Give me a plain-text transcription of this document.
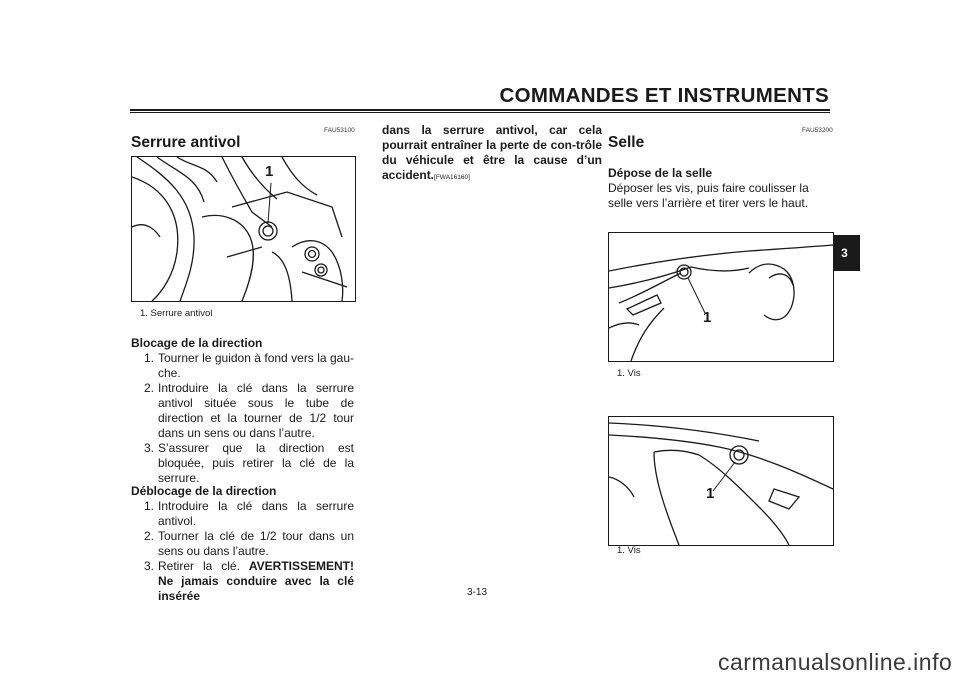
COMMANDES ET INSTRUMENTS
3
FAU53100
Serrure antivol
1
1. Serrure antivol
Blocage de la direction
1. Tourner le guidon à fond vers la gau-che.
2. Introduire la clé dans la serrure antivol située sous le tube de direction et la tourner de 1/2 tour dans un sens ou dans l’autre.
3. S’assurer que la direction est bloquée, puis retirer la clé de la serrure.
Déblocage de la direction
1. Introduire la clé dans la serrure antivol.
2. Tourner la clé de 1/2 tour dans un sens ou dans l’autre.
3. Retirer la clé. AVERTISSEMENT! Ne jamais conduire avec la clé insérée
dans la serrure antivol, car cela pourrait entraîner la perte de con-trôle du véhicule et être la cause d’un accident.[FWA16160]
FAU53200
Selle
Dépose de la selle
Déposer les vis, puis faire coulisser la selle vers l’arrière et tirer vers le haut.
1
1. Vis
1
1. Vis
3-13
carmanualsonline.info
